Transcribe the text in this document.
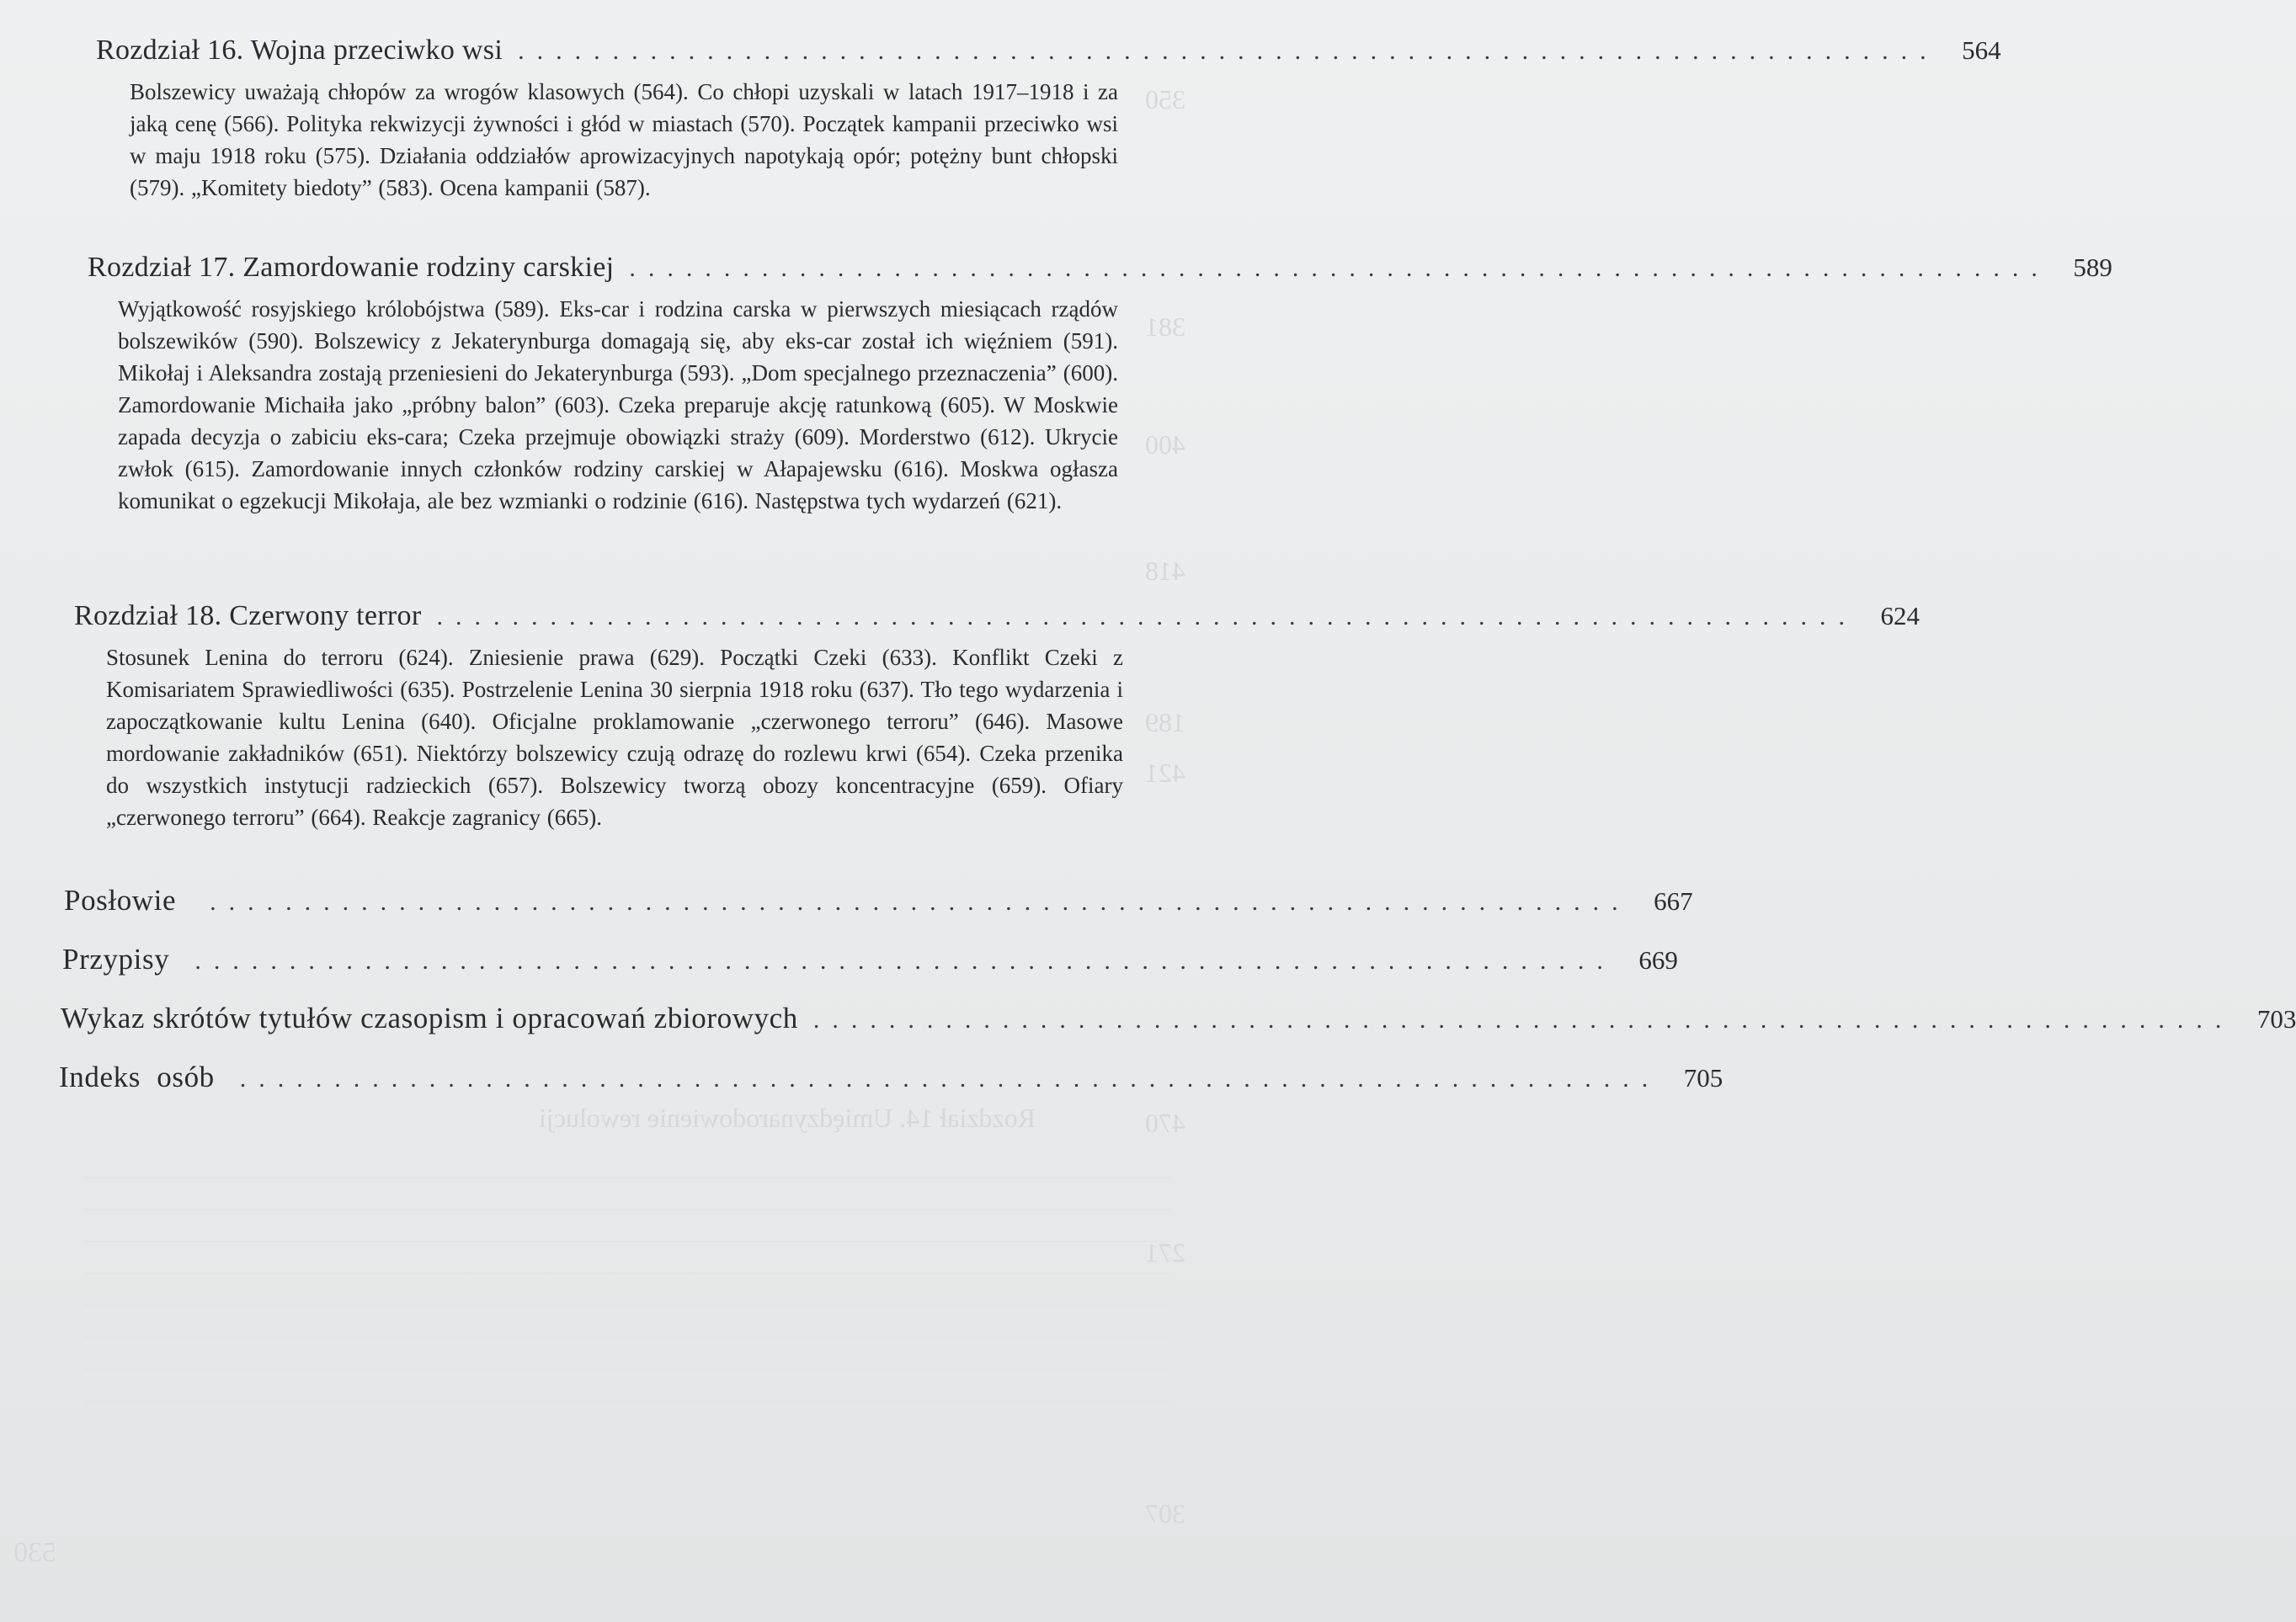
Rozdział 14. Umiędzynarodowienie rewolucji
530
Rozdział 16. Wojna przeciwko wsi ........................................................................... 564
Bolszewicy uważają chłopów za wrogów klasowych (564). Co chłopi uzyskali w latach 1917–1918 i za jaką cenę (566). Polityka rekwizycji żywności i głód w miastach (570). Początek kampanii przeciwko wsi w maju 1918 roku (575). Działania oddziałów aprowizacyjnych napotykają opór; potężny bunt chłopski (579). „Komitety biedoty” (583). Ocena kampanii (587).
Rozdział 17. Zamordowanie rodziny carskiej ........................................................................... 589
Wyjątkowość rosyjskiego królobójstwa (589). Eks-car i rodzina carska w pierwszych miesiącach rządów bolszewików (590). Bolszewicy z Jekaterynburga domagają się, aby eks-car został ich więźniem (591). Mikołaj i Aleksandra zostają przeniesieni do Jekaterynburga (593). „Dom specjalnego przeznaczenia” (600). Zamordowanie Michaiła jako „próbny balon” (603). Czeka preparuje akcję ratunkową (605). W Moskwie zapada decyzja o zabiciu eks-cara; Czeka przejmuje obowiązki straży (609). Morderstwo (612). Ukrycie zwłok (615). Zamordowanie innych członków rodziny carskiej w Ałapajewsku (616). Moskwa ogłasza komunikat o egzekucji Mikołaja, ale bez wzmianki o rodzinie (616). Następstwa tych wydarzeń (621).
Rozdział 18. Czerwony terror ........................................................................... 624
Stosunek Lenina do terroru (624). Zniesienie prawa (629). Początki Czeki (633). Konflikt Czeki z Komisariatem Sprawiedliwości (635). Postrzelenie Lenina 30 sierpnia 1918 roku (637). Tło tego wydarzenia i zapoczątkowanie kultu Lenina (640). Oficjalne proklamowanie „czerwonego terroru” (646). Masowe mordowanie zakładników (651). Niektórzy bolszewicy czują odrazę do rozlewu krwi (654). Czeka przenika do wszystkich instytucji radzieckich (657). Bolszewicy tworzą obozy koncentracyjne (659). Ofiary „czerwonego terroru” (664). Reakcje zagranicy (665).
Posłowie ........................................................................... 667
Przypisy ........................................................................... 669
Wykaz skrótów tytułów czasopism i opracowań zbiorowych ........................................................................... 703
Indeks osób ........................................................................... 705
350
381
400
418
189
421
470
271
307
